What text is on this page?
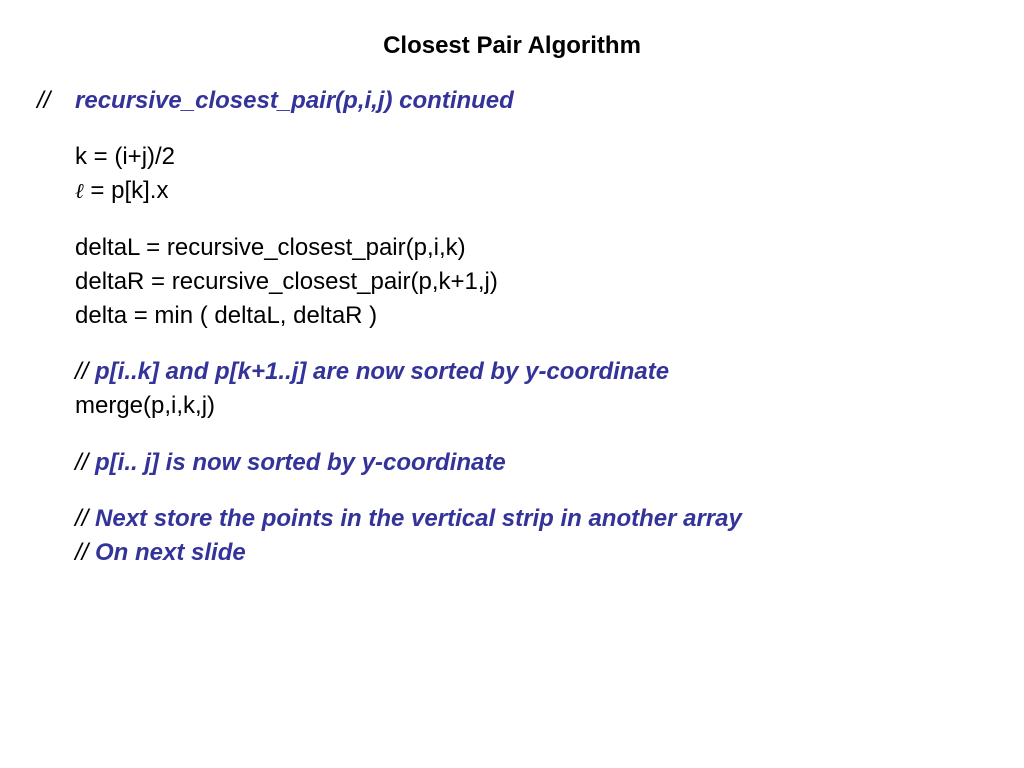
Closest Pair Algorithm
// recursive_closest_pair(p,i,j) continued
k = (i+j)/2
ℓ = p[k].x
deltaL = recursive_closest_pair(p,i,k)
deltaR = recursive_closest_pair(p,k+1,j)
delta = min ( deltaL, deltaR )
// p[i..k] and p[k+1..j] are now sorted by y-coordinate
merge(p,i,k,j)
// p[i.. j] is now sorted by y-coordinate
// Next store the points in the vertical strip in another array
// On next slide
